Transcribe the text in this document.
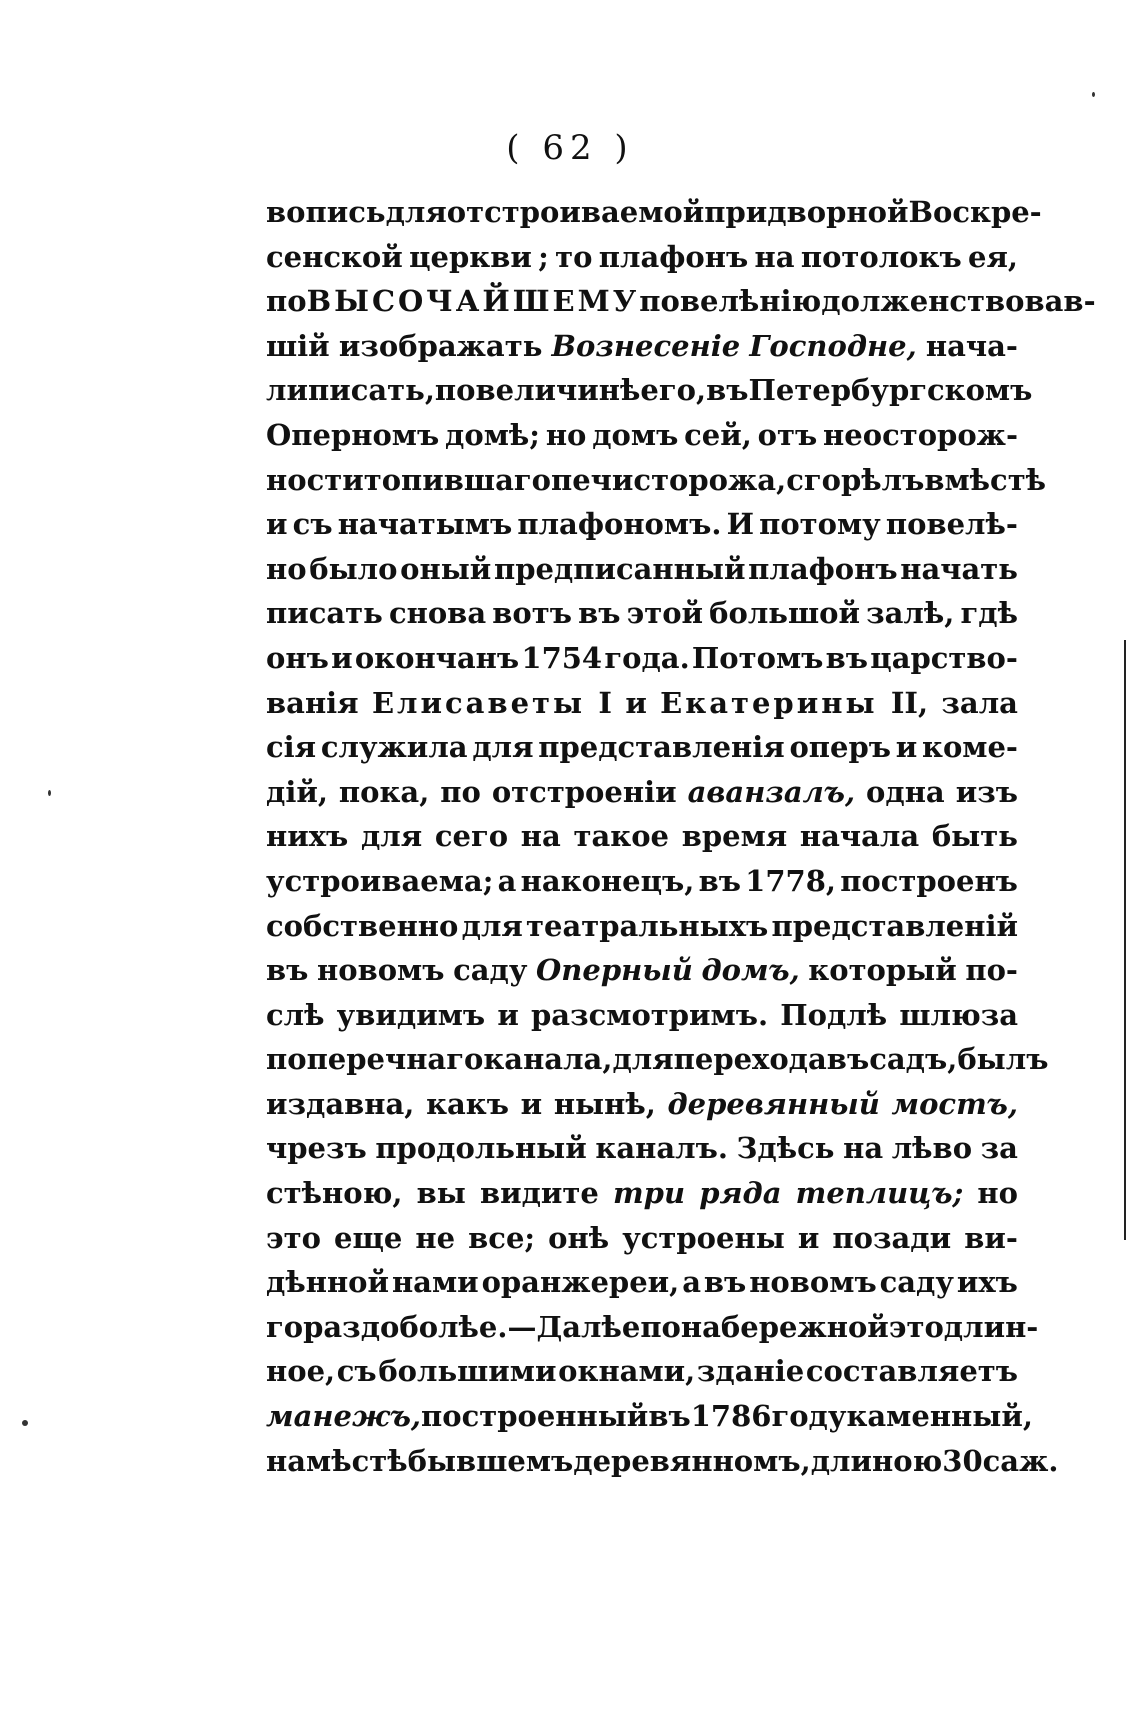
( 62 )
вопись для отстроиваемой придворной Воскре-
сенской церкви ; то плафонъ на потолокъ ея,
по ВЫСОЧАЙШЕМУ повелѣнію долженствовав-
шій изображать Вознесеніе Господне, нача-
ли писать , по величинѣ его, въ Петербургскомъ
Оперномъ домѣ; но домъ сей, отъ неосторож-
ности топившаго печи сторожа, сгорѣлъ вмѣстѣ
и съ начатымъ плафономъ. И потому повелѣ-
но было оный предписанный плафонъ начать
писать снова вотъ въ этой большой залѣ, гдѣ
онъ и окончанъ 1754 года. Потомъ въ царство-
ванія Елисаветы I и Екатерины II, зала
сія служила для представленія оперъ и коме-
дій, пока, по отстроеніи аванзалъ, одна изъ
нихъ для сего на такое время начала быть
устроиваема; а наконецъ, въ 1778, построенъ
собственно для театральныхъ представленій
въ новомъ саду Оперный домъ, который по-
слѣ увидимъ и разсмотримъ. Подлѣ шлюза
поперечнаго канала, для перехода въ садъ, былъ
издавна, какъ и нынѣ, деревянный мостъ,
чрезъ продольный каналъ. Здѣсь на лѣво за
стѣною, вы видите три ряда теплицъ; но
это еще не все; онѣ устроены и позади ви-
дѣнной нами оранжереи, а въ новомъ саду ихъ
гораздо болѣе. — Далѣе по набережной это длин-
ное, съ большими окнами, зданіе составляетъ
манежъ, построенный въ 1786 году каменный,
на мѣстѣ бывшемъ деревянномъ, длиною 30 саж.
